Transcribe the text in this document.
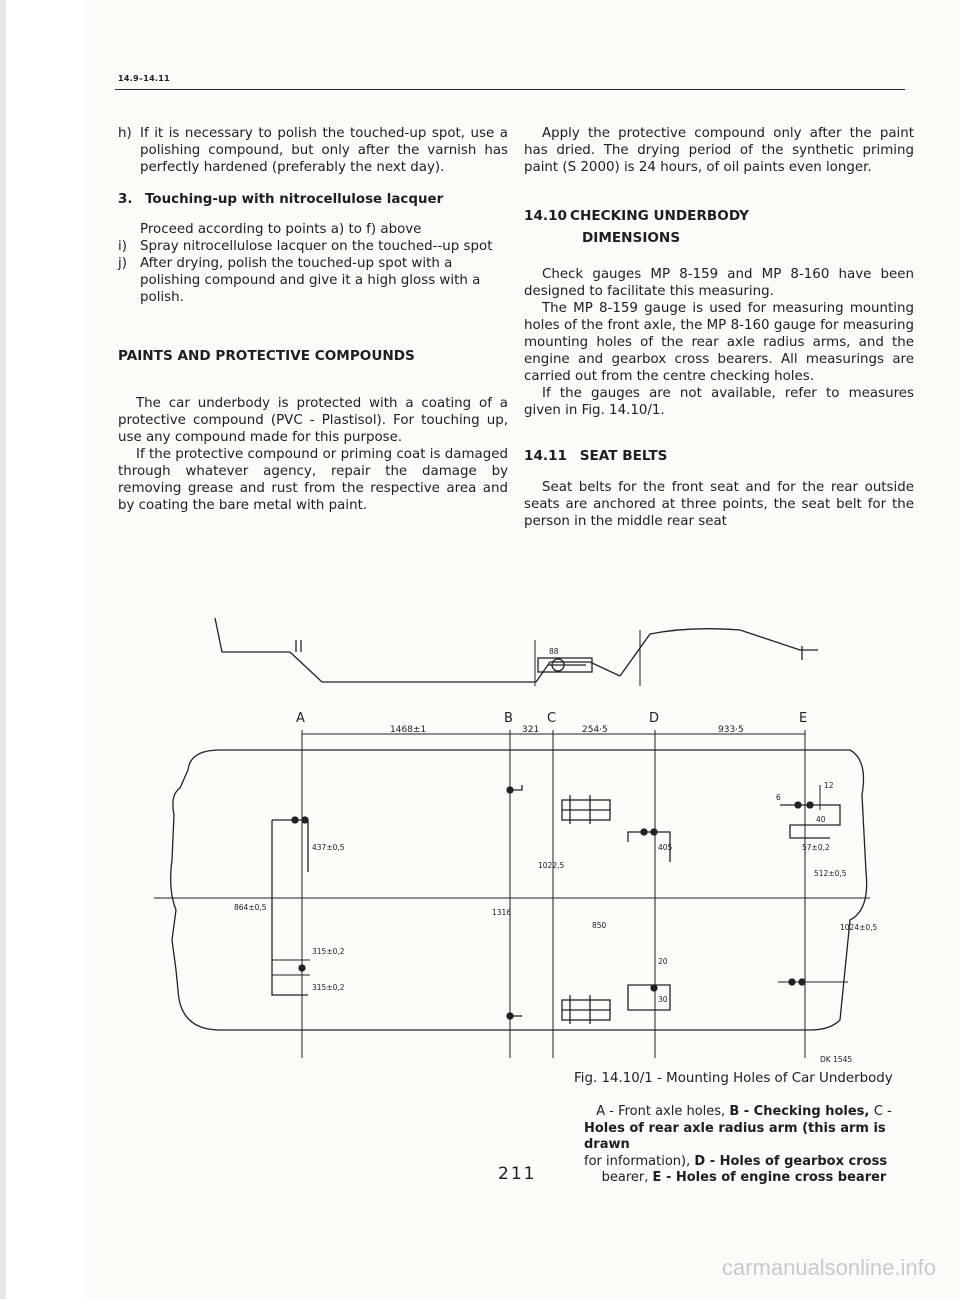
14.9–14.11
h) If it is necessary to polish the touched-up spot, use a polishing compound, but only after the varnish has perfectly hardened (preferably the next day).

3. Touching-up with nitrocellulose lacquer

Proceed according to points a) to f) above

i) Spray nitrocellulose lacquer on the touched--up spot

j) After drying, polish the touched-up spot with a polishing compound and give it a high gloss with a polish.

PAINTS AND PROTECTIVE COMPOUNDS

The car underbody is protected with a coating of a protective compound (PVC - Plastisol). For touching up, use any compound made for this purpose.

If the protective compound or priming coat is damaged through whatever agency, repair the damage by removing grease and rust from the respective area and by coating the bare metal with paint.

Apply the protective compound only after the paint has dried. The drying period of the synthetic priming paint (S 2000) is 24 hours, of oil paints even longer.

14.10 CHECKING UNDERBODY
DIMENSIONS

Check gauges MP 8-159 and MP 8-160 have been designed to facilitate this measuring.

The MP 8-159 gauge is used for measuring mounting holes of the front axle, the MP 8-160 gauge for measuring mounting holes of the rear axle radius arms, and the engine and gearbox cross bearers. All measurings are carried out from the centre checking holes.

If the gauges are not available, refer to measures given in Fig. 14.10/1.

14.11 SEAT BELTS

Seat belts for the front seat and for the rear outside seats are anchored at three points, the seat belt for the person in the middle rear seat

A	B	C	D	E
1468±1	321	254·5	933·5
88
437±0,5
315±0,2
315±0,2
864±0,5
1316
1022,5
850
405
20
30
6
12
40
57±0,2
512±0,5
1024±0,5
DK 1545
Fig. 14.10/1 - Mounting Holes of Car Underbody
A - Front axle holes, B - Checking holes, C -
Holes of rear axle radius arm (this arm is drawn
for information), D - Holes of gearbox cross
bearer, E - Holes of engine cross bearer
211
carmanualsonline.info
